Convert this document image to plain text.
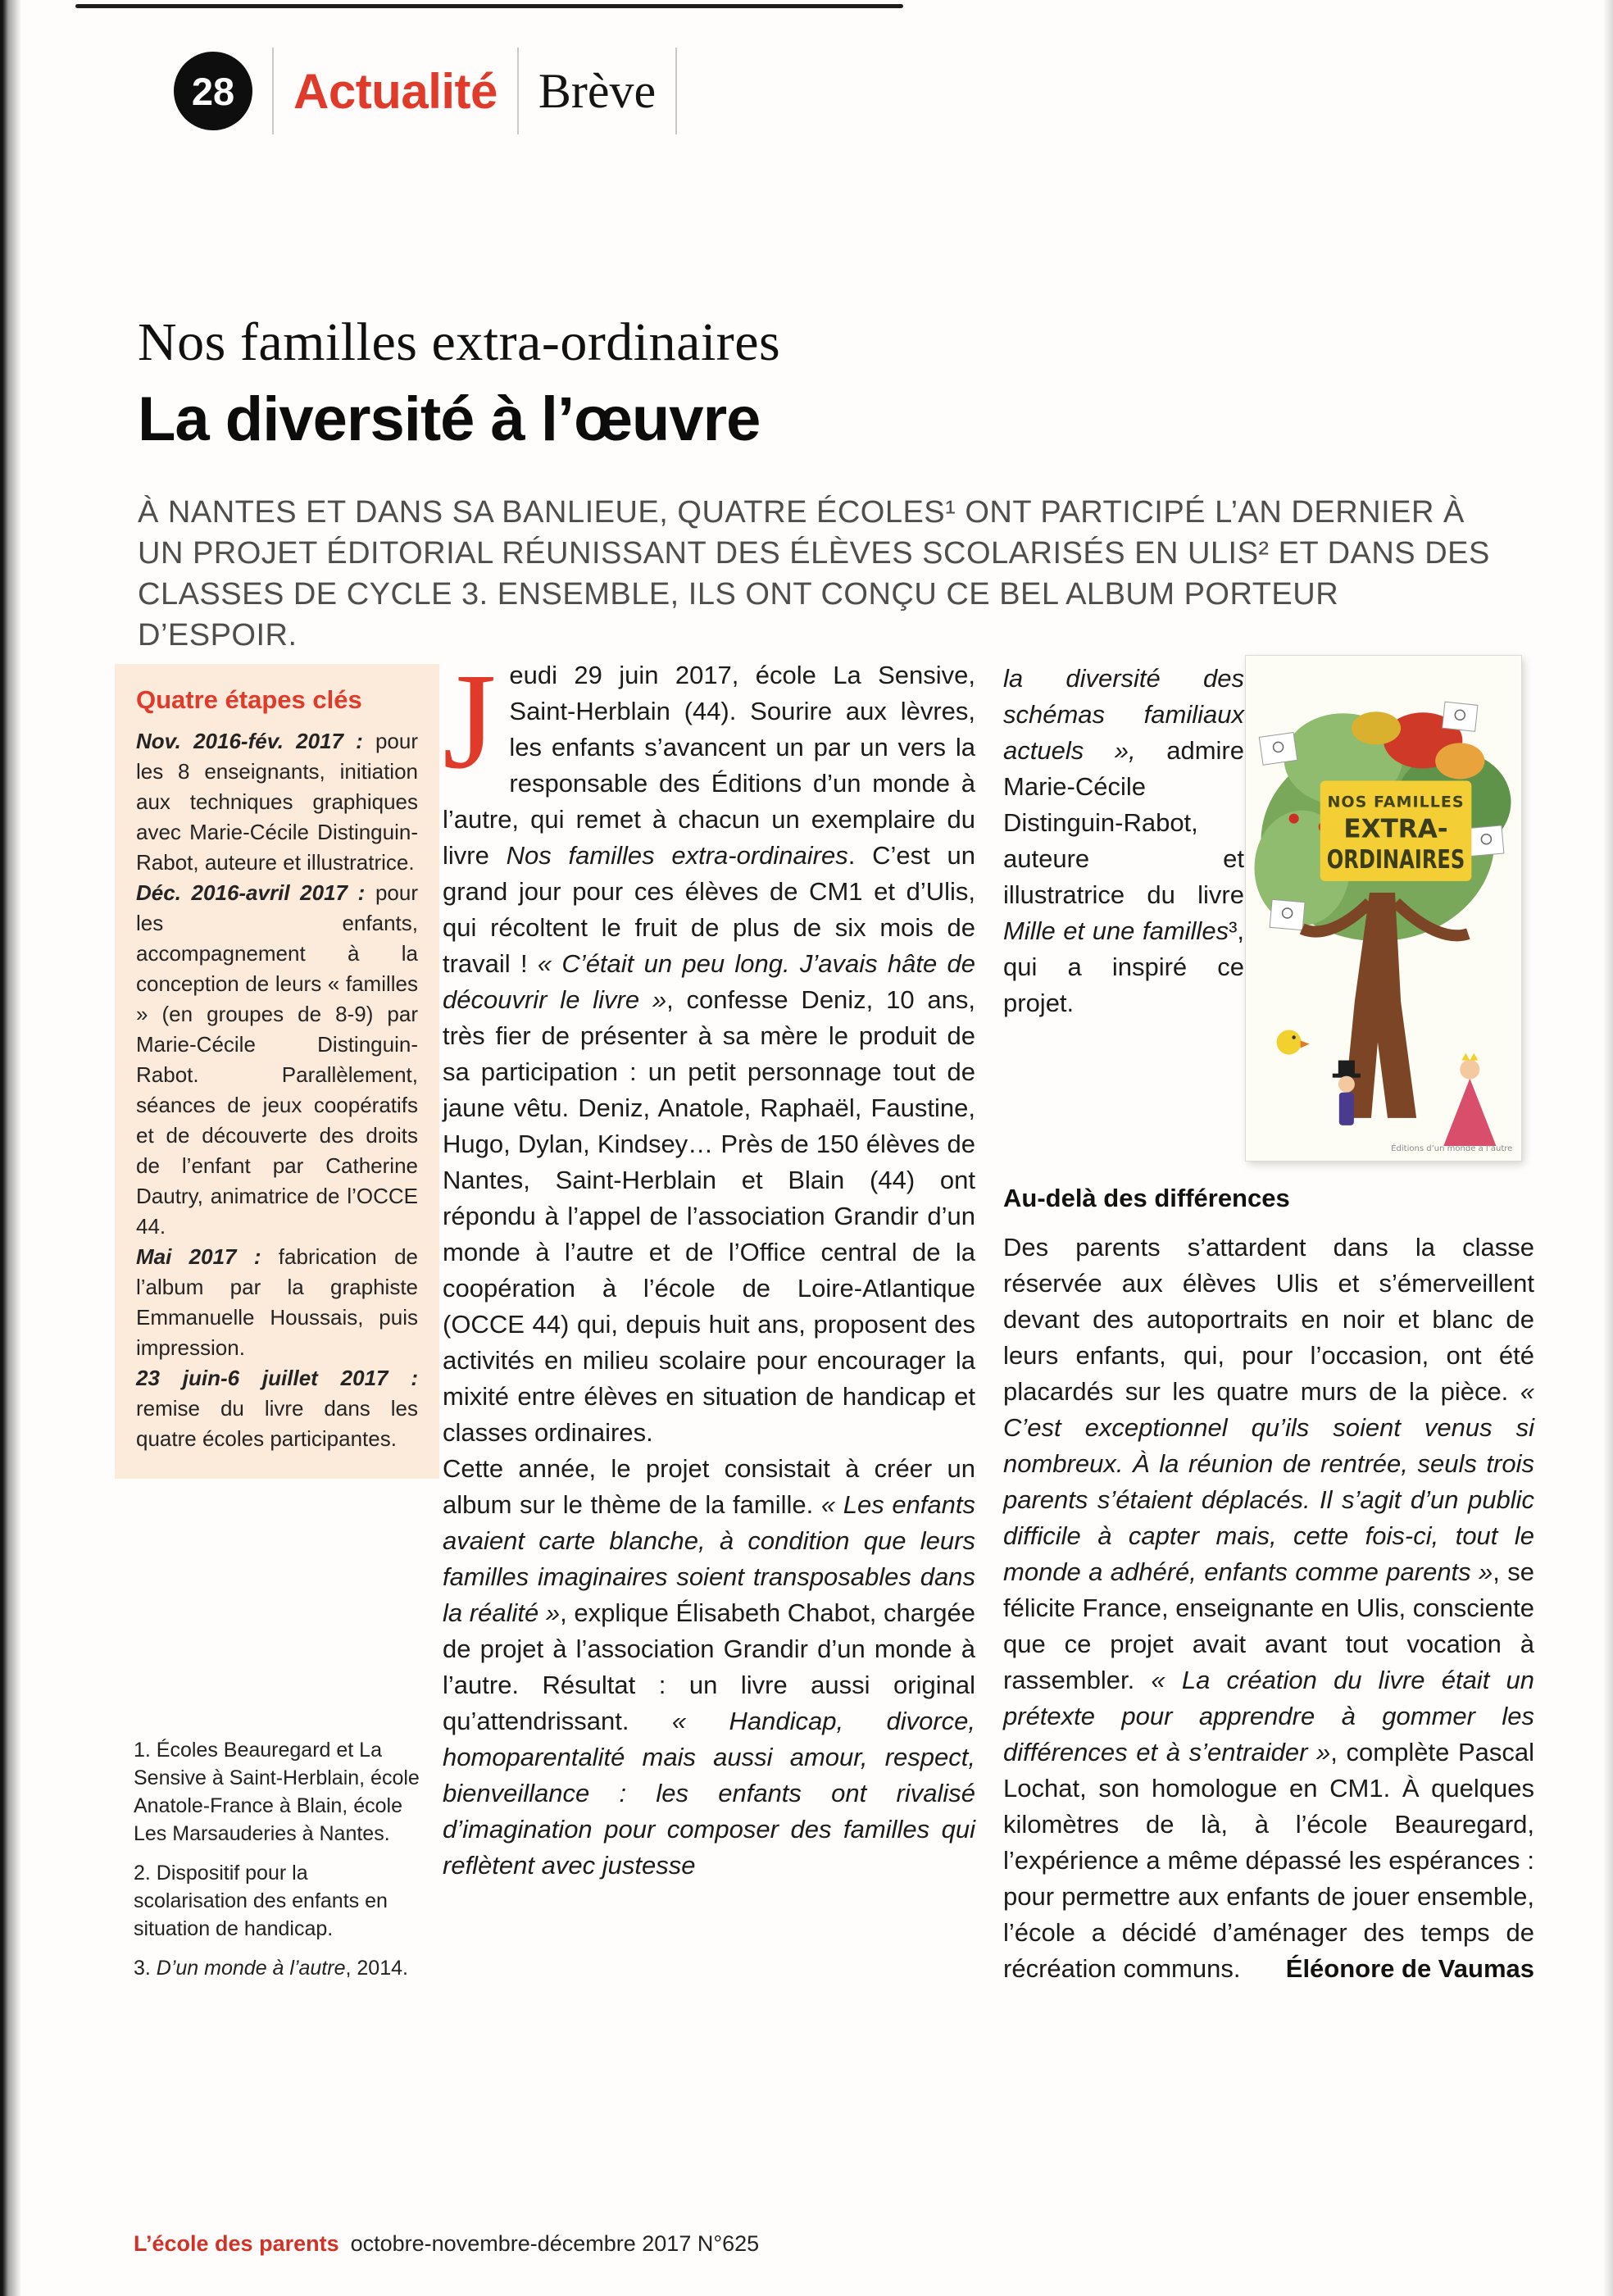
28 Actualité Brève
Nos familles extra-ordinaires
La diversité à l’œuvre

À NANTES ET DANS SA BANLIEUE, QUATRE ÉCOLES¹ ONT PARTICIPÉ L’AN DERNIER À UN PROJET ÉDITORIAL RÉUNISSANT DES ÉLÈVES SCOLARISÉS EN ULIS² ET DANS DES CLASSES DE CYCLE 3. ENSEMBLE, ILS ONT CONÇU CE BEL ALBUM PORTEUR D’ESPOIR.

Quatre étapes clés

Nov. 2016-fév. 2017 : pour les 8 enseignants, initiation aux techniques graphiques avec Marie-Cécile Distinguin-Rabot, auteure et illustratrice.

Déc. 2016-avril 2017 : pour les enfants, accompagnement à la conception de leurs « familles » (en groupes de 8-9) par Marie-Cécile Distinguin-Rabot. Parallèlement, séances de jeux coopératifs et de découverte des droits de l’enfant par Catherine Dautry, animatrice de l’OCCE 44.

Mai 2017 : fabrication de l’album par la graphiste Emmanuelle Houssais, puis impression.

23 juin-6 juillet 2017 : remise du livre dans les quatre écoles participantes.

1. Écoles Beauregard et La Sensive à Saint-Herblain, école Anatole-France à Blain, école Les Marsauderies à Nantes.

2. Dispositif pour la scolarisation des enfants en situation de handicap.

3. D’un monde à l’autre, 2014.

Jeudi 29 juin 2017, école La Sensive, Saint-Herblain (44). Sourire aux lèvres, les enfants s’avancent un par un vers la responsable des Éditions d’un monde à l’autre, qui remet à chacun un exemplaire du livre Nos familles extra-ordinaires. C’est un grand jour pour ces élèves de CM1 et d’Ulis, qui récoltent le fruit de plus de six mois de travail ! « C’était un peu long. J’avais hâte de découvrir le livre », confesse Deniz, 10 ans, très fier de présenter à sa mère le produit de sa participation : un petit personnage tout de jaune vêtu. Deniz, Anatole, Raphaël, Faustine, Hugo, Dylan, Kindsey… Près de 150 élèves de Nantes, Saint-Herblain et Blain (44) ont répondu à l’appel de l’association Grandir d’un monde à l’autre et de l’Office central de la coopération à l’école de Loire-Atlantique (OCCE 44) qui, depuis huit ans, proposent des activités en milieu scolaire pour encourager la mixité entre élèves en situation de handicap et classes ordinaires.

Cette année, le projet consistait à créer un album sur le thème de la famille. « Les enfants avaient carte blanche, à condition que leurs familles imaginaires soient transposables dans la réalité », explique Élisabeth Chabot, chargée de projet à l’association Grandir d’un monde à l’autre. Résultat : un livre aussi original qu’attendrissant. « Handicap, divorce, homoparentalité mais aussi amour, respect, bienveillance : les enfants ont rivalisé d’imagination pour composer des familles qui reflètent avec justesse

la diversité des schémas familiaux actuels », admire Marie-Cécile Distinguin-Rabot, auteure et illustratrice du livre Mille et une familles³, qui a inspiré ce projet.

NOS FAMILLES
EXTRA-
ORDINAIRES
Éditions d’un monde à l’autre
Au-delà des différences

Des parents s’attardent dans la classe réservée aux élèves Ulis et s’émerveillent devant des autoportraits en noir et blanc de leurs enfants, qui, pour l’occasion, ont été placardés sur les quatre murs de la pièce. « C’est exceptionnel qu’ils soient venus si nombreux. À la réunion de rentrée, seuls trois parents s’étaient déplacés. Il s’agit d’un public difficile à capter mais, cette fois-ci, tout le monde a adhéré, enfants comme parents », se félicite France, enseignante en Ulis, consciente que ce projet avait avant tout vocation à rassembler. « La création du livre était un prétexte pour apprendre à gommer les différences et à s’entraider », complète Pascal Lochat, son homologue en CM1. À quelques kilomètres de là, à l’école Beauregard, l’expérience a même dépassé les espérances : pour permettre aux enfants de jouer ensemble, l’école a décidé d’aménager des temps de récréation communs.	Éléonore de Vaumas

L’école des parents octobre-novembre-décembre 2017 N°625
